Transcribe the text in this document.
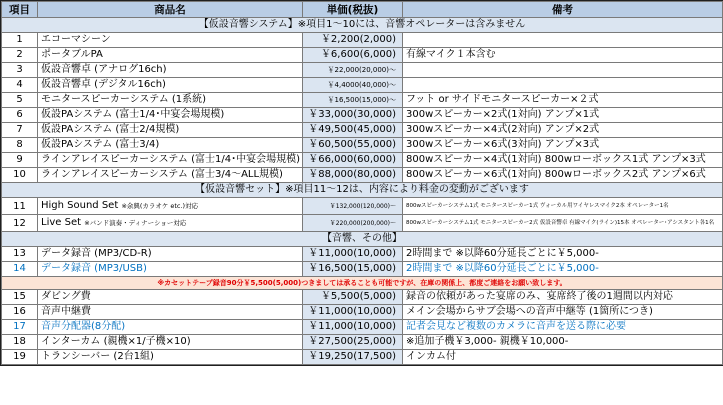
項目	商品名	単価(税抜)	備考
【仮設音響システム】※項目1～10には、音響オペレーターは含みません			
1	エコーマシーン	￥2,200(2,000)	
2	ポータブルPA	￥6,600(6,000)	有線マイク１本含む
3	仮設音響卓 (アナログ16ch)	￥22,000(20,000)～	
4	仮設音響卓 (デジタル16ch)	￥4,4000(40,000)～	
5	モニタースピーカーシステム (1系統)	￥16,500(15,000)～	フット or サイドモニタースピーカー×２式
6	仮設PAシステム (富士1/4･中宴会場規模)	￥33,000(30,000)	300wスピーカー×2式(1対向) アンプ×1式
7	仮設PAシステム (富士2/4規模)	￥49,500(45,000)	300wスピーカー×4式(2対向) アンプ×2式
8	仮設PAシステム (富士3/4)	￥60,500(55,000)	300wスピーカー×6式(3対向) アンプ×3式
9	ラインアレイスピーカーシステム (富士1/4･中宴会場規模)	￥66,000(60,000)	800wスピーカー×4式(1対向) 800wローボックス1式 アンプ×3式
10	ラインアレイスピーカーシステム (富士3/4～ALL規模)	￥88,000(80,000)	800wスピーカー×6式(1対向) 800wローボックス2式 アンプ×6式
【仮設音響セット】※項目11～12は、内容により料金の変動がございます			
11	High Sound Set ※余興(カラオケ etc.)対応	￥132,000(120,000)～	800wスピーカーシステム1式 モニタースピーカー1式 ヴォーカル用ワイヤレスマイク2本 オペレーター1名
12	Live Set ※バンド演奏・ディナーショー対応	￥220,000(200,000)～	800wスピーカーシステム1式 モニタースピーカー2式 仮設音響卓 有線マイク(ライン)15本 オペレーター･アシスタント各1名
【音響、その他】			
13	データ録音 (MP3/CD-R)	￥11,000(10,000)	2時間まで ※以降60分延長ごとに￥5,000-
14	データ録音 (MP3/USB)	￥16,500(15,000)	2時間まで ※以降60分延長ごとに￥5,000-
※カセットテープ録音90分￥5,500(5,000)つきましては承ることも可能ですが、在庫の関係上、都度ご連絡をお願い致します。			
15	ダビング費	￥5,500(5,000)	録音の依頼があった宴席のみ、宴席終了後の1週間以内対応
16	音声中継費	￥11,000(10,000)	メイン会場からサブ会場への音声中継等 (1箇所につき)
17	音声分配器(8分配)	￥11,000(10,000)	記者会見など複数のカメラに音声を送る際に必要
18	インターカム (親機×1/子機×10)	￥27,500(25,000)	※追加子機￥3,000- 親機￥10,000-
19	トランシーバー (2台1組)	￥19,250(17,500)	インカム付
